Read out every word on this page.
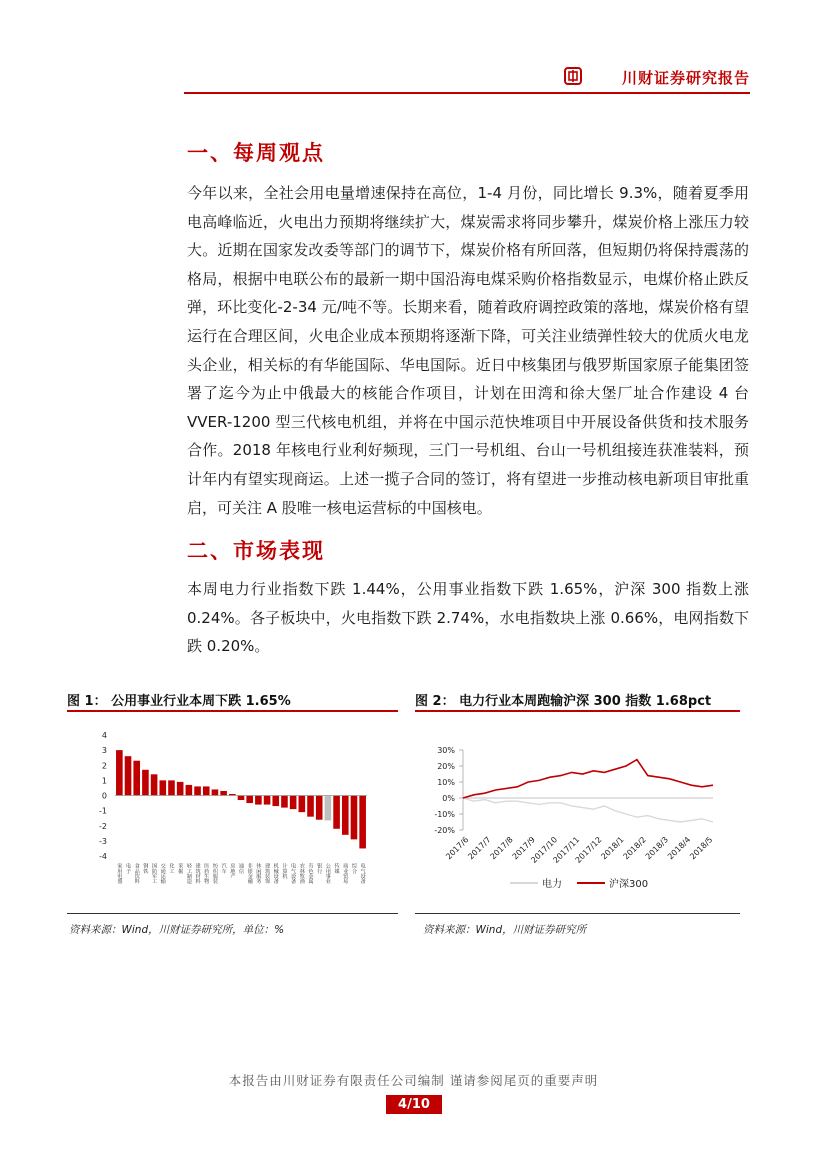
川财证券研究报告
一、每周观点
今年以来，全社会用电量增速保持在高位，1-4 月份，同比增长 9.3%，随着夏季用电高峰临近，火电出力预期将继续扩大，煤炭需求将同步攀升，煤炭价格上涨压力较大。近期在国家发改委等部门的调节下，煤炭价格有所回落，但短期仍将保持震荡的格局，根据中电联公布的最新一期中国沿海电煤采购价格指数显示，电煤价格止跌反弹，环比变化-2-34 元/吨不等。长期来看，随着政府调控政策的落地，煤炭价格有望运行在合理区间，火电企业成本预期将逐渐下降，可关注业绩弹性较大的优质火电龙头企业，相关标的有华能国际、华电国际。近日中核集团与俄罗斯国家原子能集团签署了迄今为止中俄最大的核能合作项目，计划在田湾和徐大堡厂址合作建设 4 台 VVER-1200 型三代核电机组，并将在中国示范快堆项目中开展设备供货和技术服务合作。2018 年核电行业利好频现，三门一号机组、台山一号机组接连获准装料，预计年内有望实现商运。上述一揽子合同的签订，将有望进一步推动核电新项目审批重启，可关注 A 股唯一核电运营标的中国核电。
二、市场表现
本周电力行业指数下跌 1.44%，公用事业指数下跌 1.65%，沪深 300 指数上涨 0.24%。各子板块中，火电指数下跌 2.74%，水电指数块上涨 0.66%，电网指数下跌 0.20%。
图 1： 公用事业行业本周下跌 1.65%
4
3
2
1
0
-1
-2
-3
-4
家用电器 电子 食品饮料 钢铁 国防军工 交通运输 化工 采掘 轻工制造 建筑材料 医药生物 纺织服装 汽车 房地产 通信 非银金融 休闲服务 建筑装饰 机械设备 计算机 电气设备 农林牧渔 有色金属 银行 公用事业 传媒 商业贸易 综合 电气设备
资料来源：Wind，川财证券研究所，单位：%
图 2： 电力行业本周跑输沪深 300 指数 1.68pct
30%
20%
10%
0%
-10%
-20%
2017/6
2017/7
2017/8
2017/9
2017/10
2017/11
2017/12
2018/1
2018/2
2018/3
2018/4
2018/5
电力	沪深300
资料来源：Wind，川财证券研究所
本报告由川财证券有限责任公司编制 谨请参阅尾页的重要声明
4/10
